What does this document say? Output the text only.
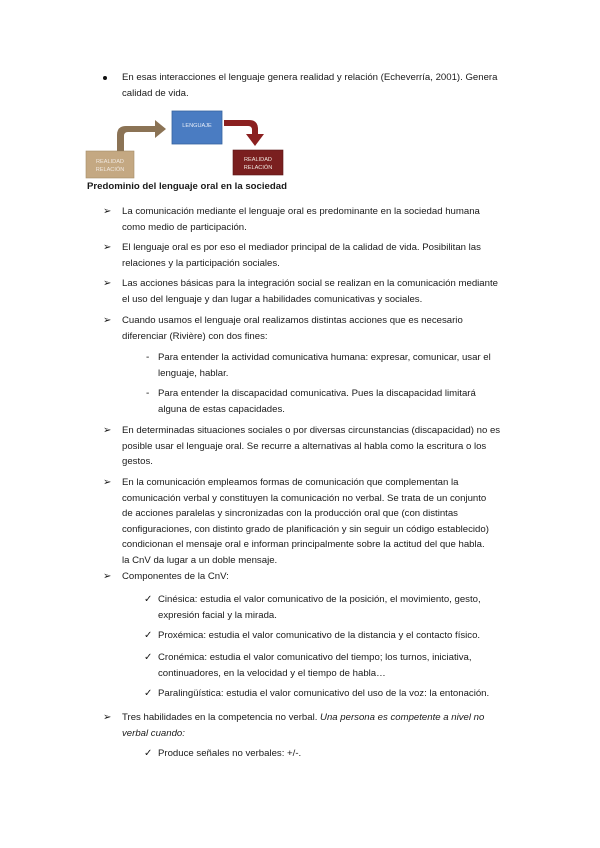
En esas interacciones el lenguaje genera realidad y relación (Echeverría, 2001). Genera
calidad de vida.
REALIDAD
RELACIÓN
LENGUAJE
REALIDAD
RELACIÓN
Predominio del lenguaje oral en la sociedad
➢ La comunicación mediante el lenguaje oral es predominante en la sociedad humana
como medio de participación.
➢ El lenguaje oral es por eso el mediador principal de la calidad de vida. Posibilitan las
relaciones y la participación sociales.
➢ Las acciones básicas para la integración social se realizan en la comunicación mediante
el uso del lenguaje y dan lugar a habilidades comunicativas y sociales.
➢ Cuando usamos el lenguaje oral realizamos distintas acciones que es necesario
diferenciar (Rivière) con dos fines:
- Para entender la actividad comunicativa humana: expresar, comunicar, usar el
lenguaje, hablar.
- Para entender la discapacidad comunicativa. Pues la discapacidad limitará
alguna de estas capacidades.
➢ En determinadas situaciones sociales o por diversas circunstancias (discapacidad) no es
posible usar el lenguaje oral. Se recurre a alternativas al habla como la escritura o los
gestos.
➢ En la comunicación empleamos formas de comunicación que complementan la
comunicación verbal y constituyen la comunicación no verbal. Se trata de un conjunto
de acciones paralelas y sincronizadas con la producción oral que (con distintas
configuraciones, con distinto grado de planificación y sin seguir un código establecido)
condicionan el mensaje oral e informan principalmente sobre la actitud del que habla.
la CnV da lugar a un doble mensaje.
➢ Componentes de la CnV:
✓ Cinésica: estudia el valor comunicativo de la posición, el movimiento, gesto,
expresión facial y la mirada.
✓ Proxémica: estudia el valor comunicativo de la distancia y el contacto físico.
✓ Cronémica: estudia el valor comunicativo del tiempo; los turnos, iniciativa,
continuadores, en la velocidad y el tiempo de habla…
✓ Paralingüística: estudia el valor comunicativo del uso de la voz: la entonación.
➢ Tres habilidades en la competencia no verbal. Una persona es competente a nivel no
verbal cuando:
✓ Produce señales no verbales: +/-.
